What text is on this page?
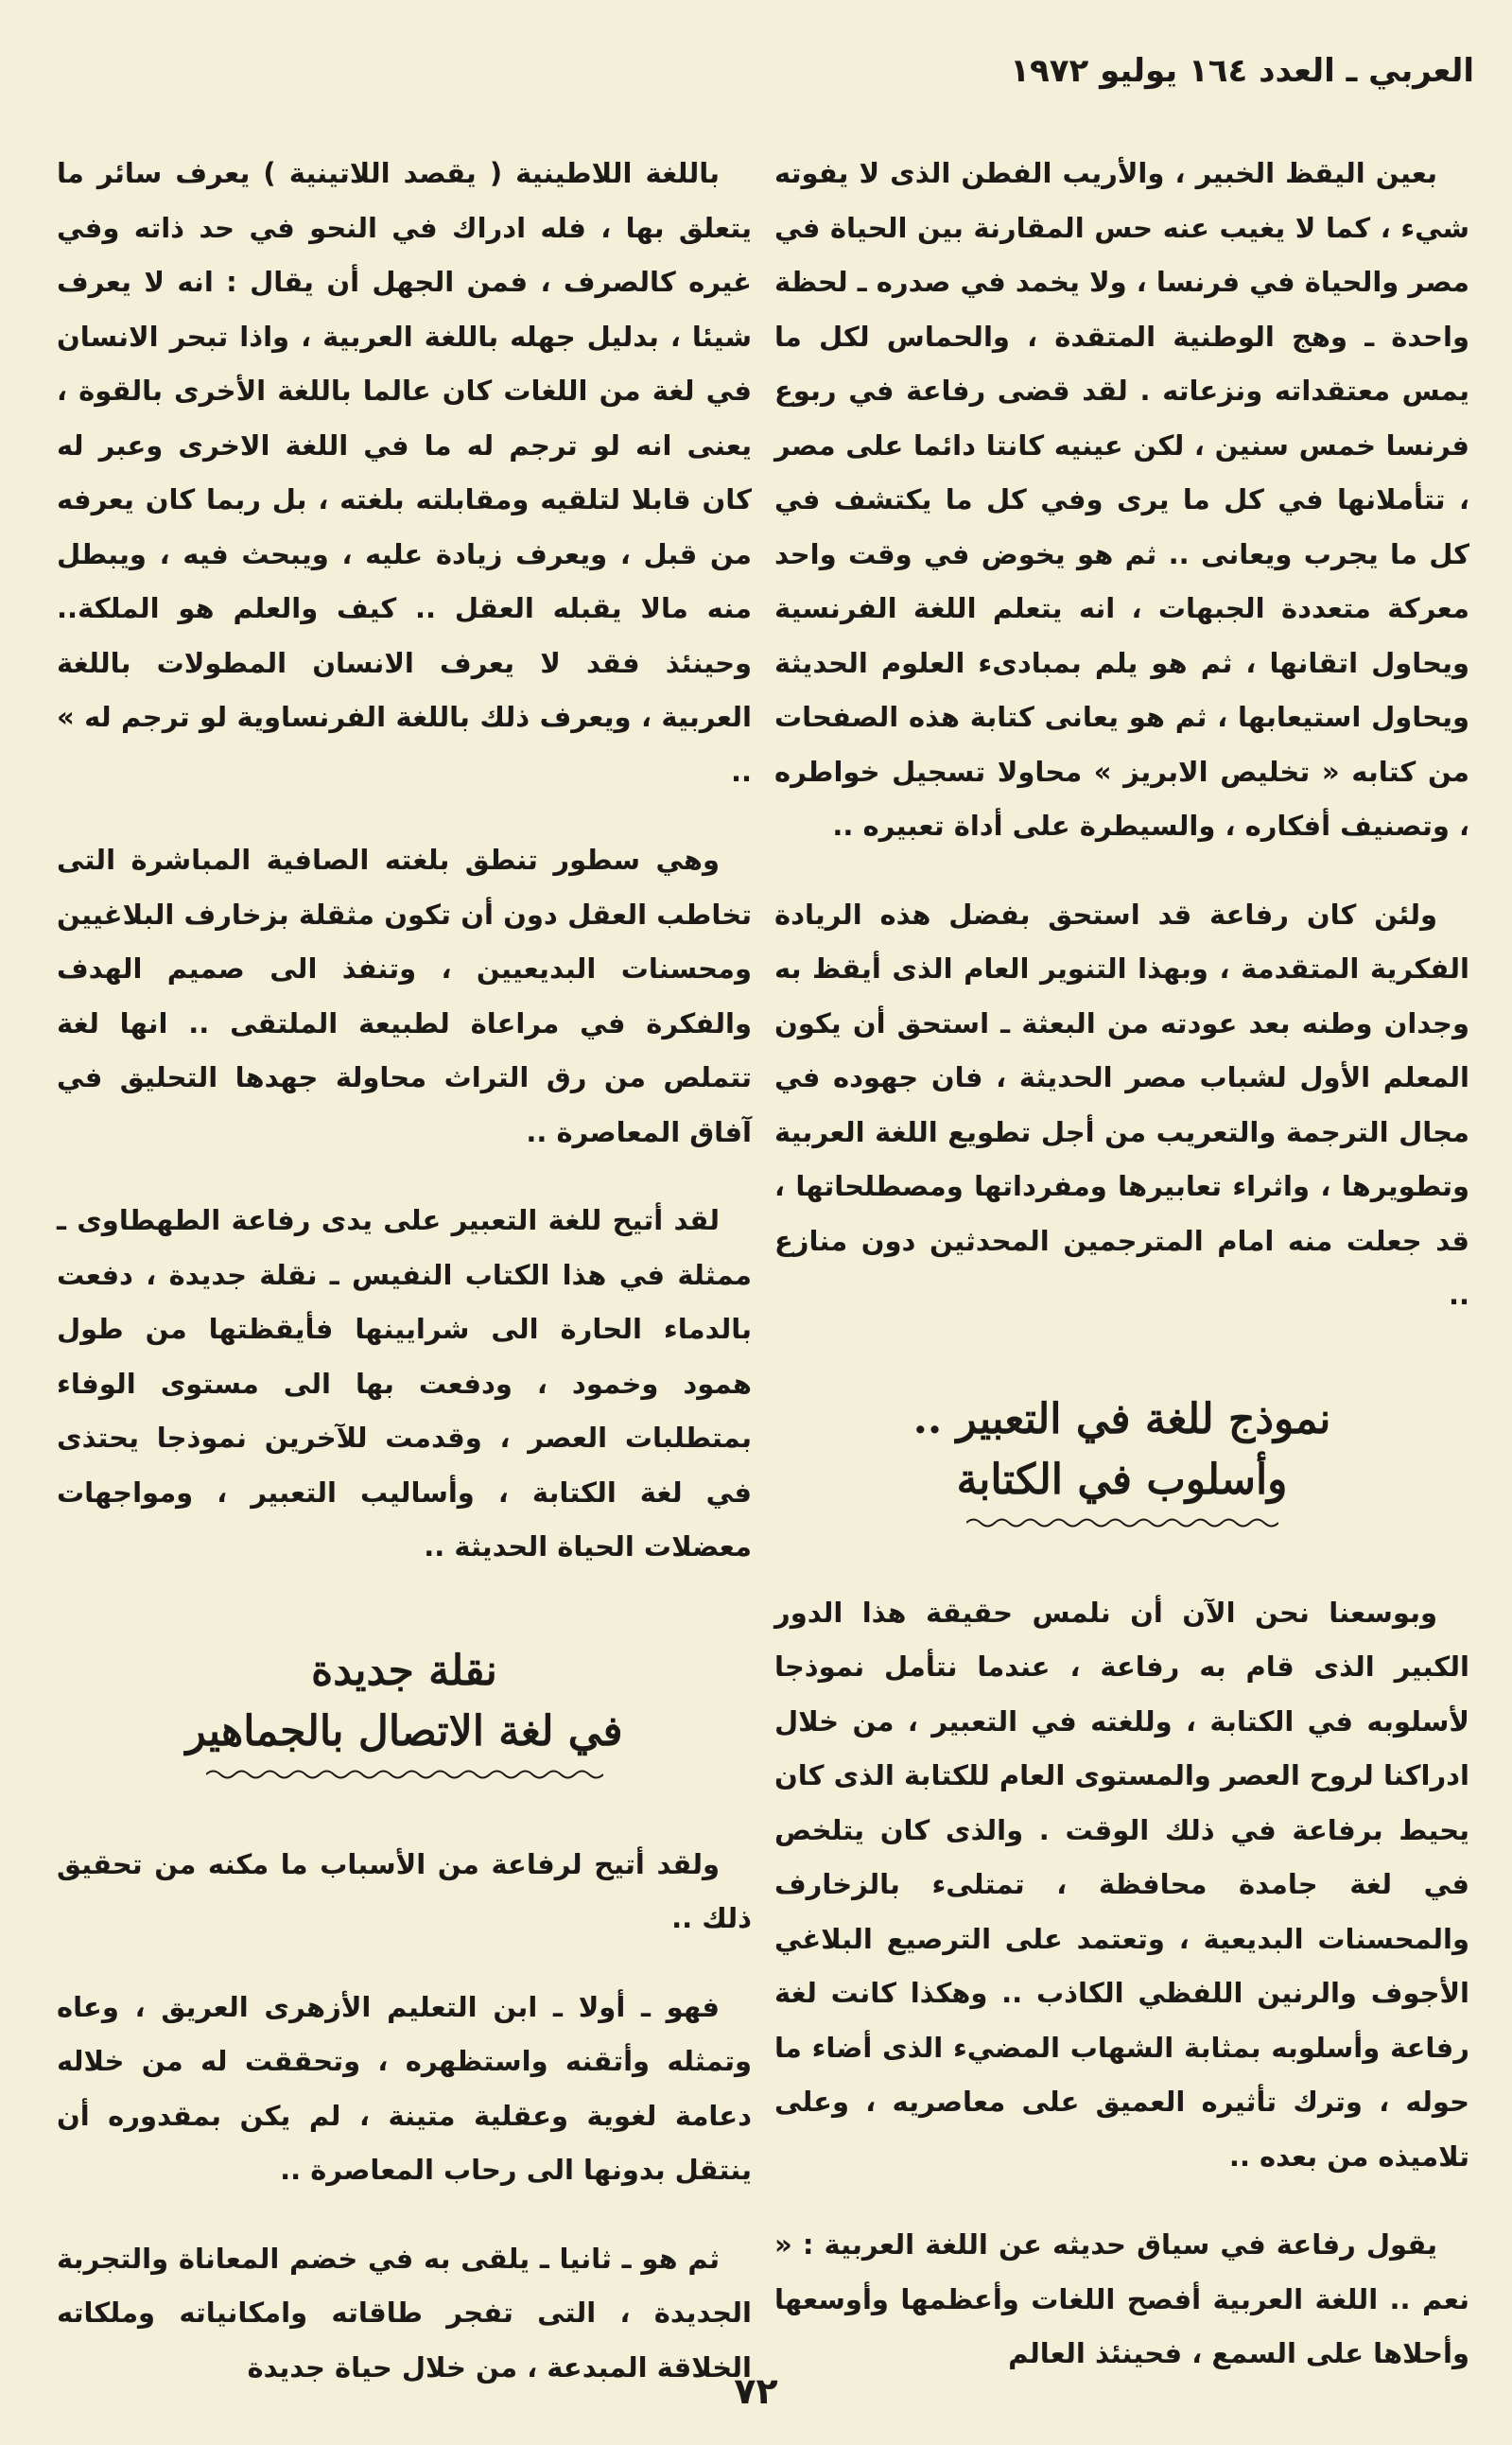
العربي ـ العدد ١٦٤ يوليو ١٩٧٢

بعين اليقظ الخبير ، والأريب الفطن الذى لا يفوته شيء ، كما لا يغيب عنه حس المقارنة بين الحياة في مصر والحياة في فرنسا ، ولا يخمد في صدره ـ لحظة واحدة ـ وهج الوطنية المتقدة ، والحماس لكل ما يمس معتقداته ونزعاته . لقد قضى رفاعة في ربوع فرنسا خمس سنين ، لكن عينيه كانتا دائما على مصر ، تتأملانها في كل ما يرى وفي كل ما يكتشف في كل ما يجرب ويعانى .. ثم هو يخوض في وقت واحد معركة متعددة الجبهات ، انه يتعلم اللغة الفرنسية ويحاول اتقانها ، ثم هو يلم بمبادىء العلوم الحديثة ويحاول استيعابها ، ثم هو يعانى كتابة هذه الصفحات من كتابه « تخليص الابريز » محاولا تسجيل خواطره ، وتصنيف أفكاره ، والسيطرة على أداة تعبيره ..

ولئن كان رفاعة قد استحق بفضل هذه الريادة الفكرية المتقدمة ، وبهذا التنوير العام الذى أيقظ به وجدان وطنه بعد عودته من البعثة ـ استحق أن يكون المعلم الأول لشباب مصر الحديثة ، فان جهوده في مجال الترجمة والتعريب من أجل تطويع اللغة العربية وتطويرها ، واثراء تعابيرها ومفرداتها ومصطلحاتها ، قد جعلت منه امام المترجمين المحدثين دون منازع ..

نموذج للغة في التعبير ..
وأسلوب في الكتابة

وبوسعنا نحن الآن أن نلمس حقيقة هذا الدور الكبير الذى قام به رفاعة ، عندما نتأمل نموذجا لأسلوبه في الكتابة ، وللغته في التعبير ، من خلال ادراكنا لروح العصر والمستوى العام للكتابة الذى كان يحيط برفاعة في ذلك الوقت . والذى كان يتلخص في لغة جامدة محافظة ، تمتلىء بالزخارف والمحسنات البديعية ، وتعتمد على الترصيع البلاغي الأجوف والرنين اللفظي الكاذب .. وهكذا كانت لغة رفاعة وأسلوبه بمثابة الشهاب المضيء الذى أضاء ما حوله ، وترك تأثيره العميق على معاصريه ، وعلى تلاميذه من بعده ..

يقول رفاعة في سياق حديثه عن اللغة العربية : « نعم .. اللغة العربية أفصح اللغات وأعظمها وأوسعها وأحلاها على السمع ، فحينئذ العالم

باللغة اللاطينية ( يقصد اللاتينية ) يعرف سائر ما يتعلق بها ، فله ادراك في النحو في حد ذاته وفي غيره كالصرف ، فمن الجهل أن يقال : انه لا يعرف شيئا ، بدليل جهله باللغة العربية ، واذا تبحر الانسان في لغة من اللغات كان عالما باللغة الأخرى بالقوة ، يعنى انه لو ترجم له ما في اللغة الاخرى وعبر له كان قابلا لتلقيه ومقابلته بلغته ، بل ربما كان يعرفه من قبل ، ويعرف زيادة عليه ، ويبحث فيه ، ويبطل منه مالا يقبله العقل .. كيف والعلم هو الملكة.. وحينئذ فقد لا يعرف الانسان المطولات باللغة العربية ، ويعرف ذلك باللغة الفرنساوية لو ترجم له » ..

وهي سطور تنطق بلغته الصافية المباشرة التى تخاطب العقل دون أن تكون مثقلة بزخارف البلاغيين ومحسنات البديعيين ، وتنفذ الى صميم الهدف والفكرة في مراعاة لطبيعة الملتقى .. انها لغة تتملص من رق التراث محاولة جهدها التحليق في آفاق المعاصرة ..

لقد أتيح للغة التعبير على يدى رفاعة الطهطاوى ـ ممثلة في هذا الكتاب النفيس ـ نقلة جديدة ، دفعت بالدماء الحارة الى شرايينها فأيقظتها من طول همود وخمود ، ودفعت بها الى مستوى الوفاء بمتطلبات العصر ، وقدمت للآخرين نموذجا يحتذى في لغة الكتابة ، وأساليب التعبير ، ومواجهات معضلات الحياة الحديثة ..

نقلة جديدة
في لغة الاتصال بالجماهير

ولقد أتيح لرفاعة من الأسباب ما مكنه من تحقيق ذلك ..

فهو ـ أولا ـ ابن التعليم الأزهرى العريق ، وعاه وتمثله وأتقنه واستظهره ، وتحققت له من خلاله دعامة لغوية وعقلية متينة ، لم يكن بمقدوره أن ينتقل بدونها الى رحاب المعاصرة ..

ثم هو ـ ثانيا ـ يلقى به في خضم المعاناة والتجربة الجديدة ، التى تفجر طاقاته وامكانياته وملكاته الخلاقة المبدعة ، من خلال حياة جديدة

٧٢
